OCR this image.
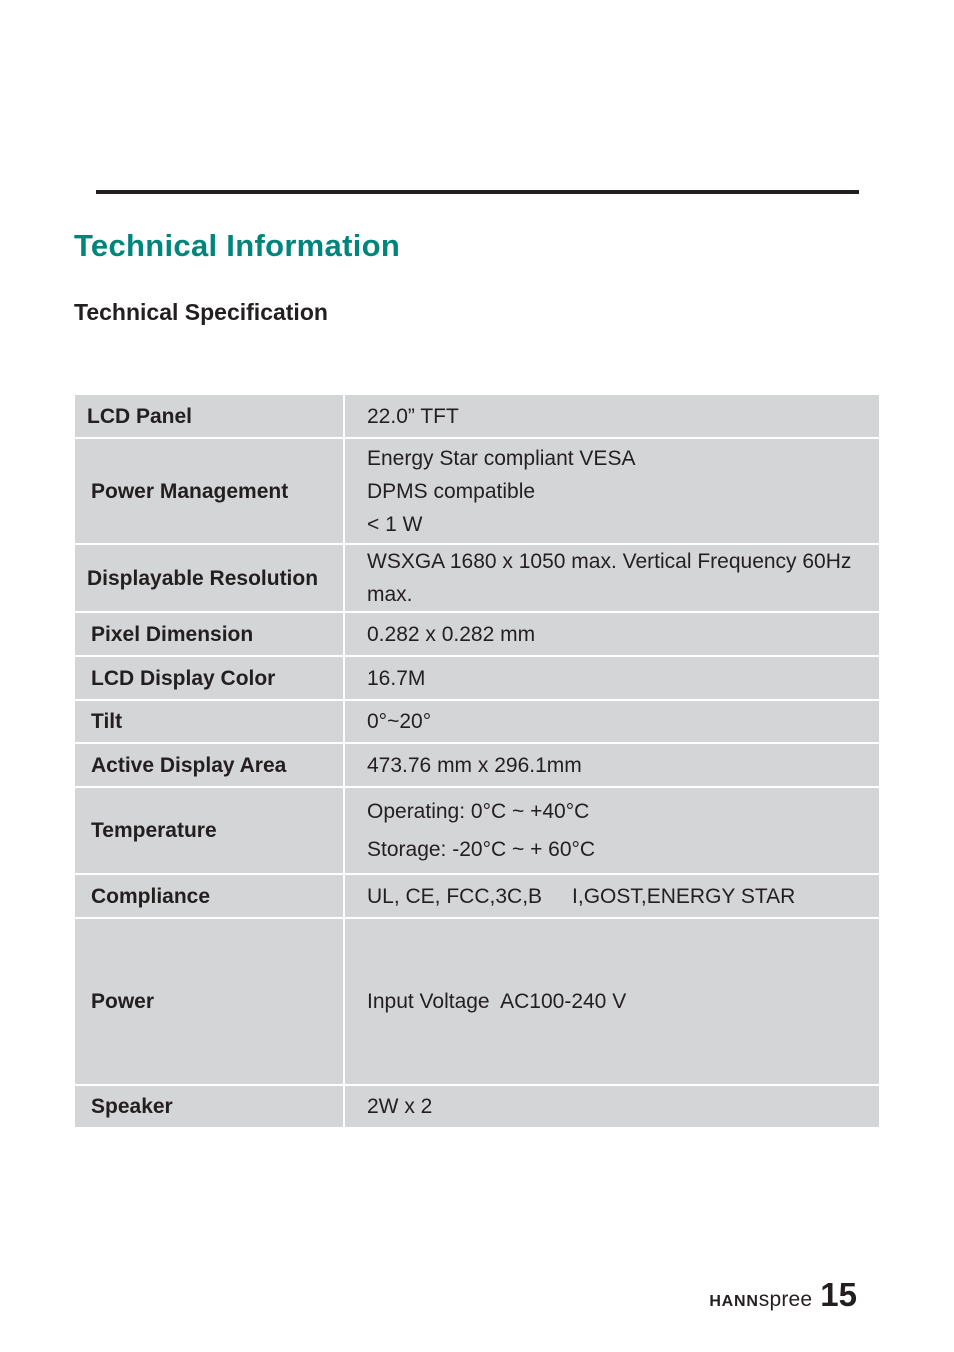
Technical Information
Technical Specification
LCD Panel	22.0” TFT

Power Management	Energy Star compliant VESA
DPMS compatible
< 1 W

Displayable Resolution	WSXGA 1680 x 1050 max. Vertical Frequency 60Hz max.

Pixel Dimension	0.282 x 0.282 mm

LCD Display Color	16.7M

Tilt	0°~20°

Active Display Area	473.76 mm x 296.1mm

Temperature	Operating: 0°C ~ +40°C
Storage: -20°C ~ + 60°C

Compliance	UL, CE, FCC,3C,B I,GOST,ENERGY STAR
Power	Input Voltage  AC100-240 V

Speaker	2W x 2
HANNspree 15
